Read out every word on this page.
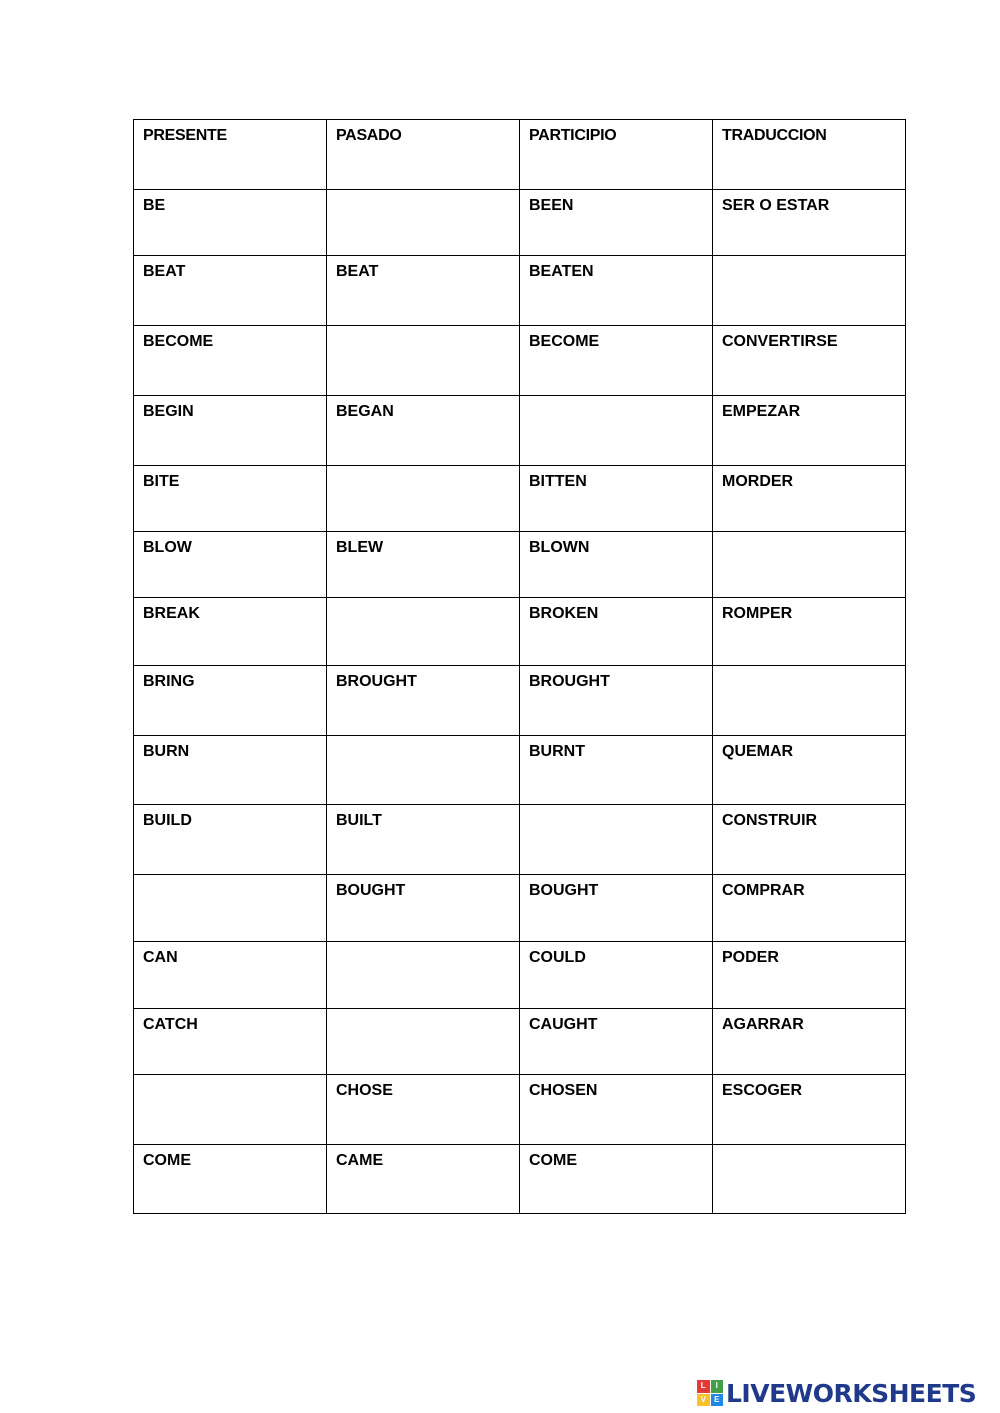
PRESENTE	PASADO	PARTICIPIO	TRADUCCION
BE		BEEN	SER O ESTAR
BEAT	BEAT	BEATEN	

BECOME		BECOME	CONVERTIRSE
BEGIN	BEGAN		EMPEZAR
BITE		BITTEN	MORDER
BLOW	BLEW	BLOWN	

BREAK		BROKEN	ROMPER
BRING	BROUGHT	BROUGHT	

BURN		BURNT	QUEMAR
BUILD	BUILT		CONSTRUIR

	BOUGHT	BOUGHT	COMPRAR
CAN		COULD	PODER
CATCH		CAUGHT	AGARRAR

	CHOSE	CHOSEN	ESCOGER
COME	CAME	COME	
L	I
V	E LIVEWORKSHEETS
